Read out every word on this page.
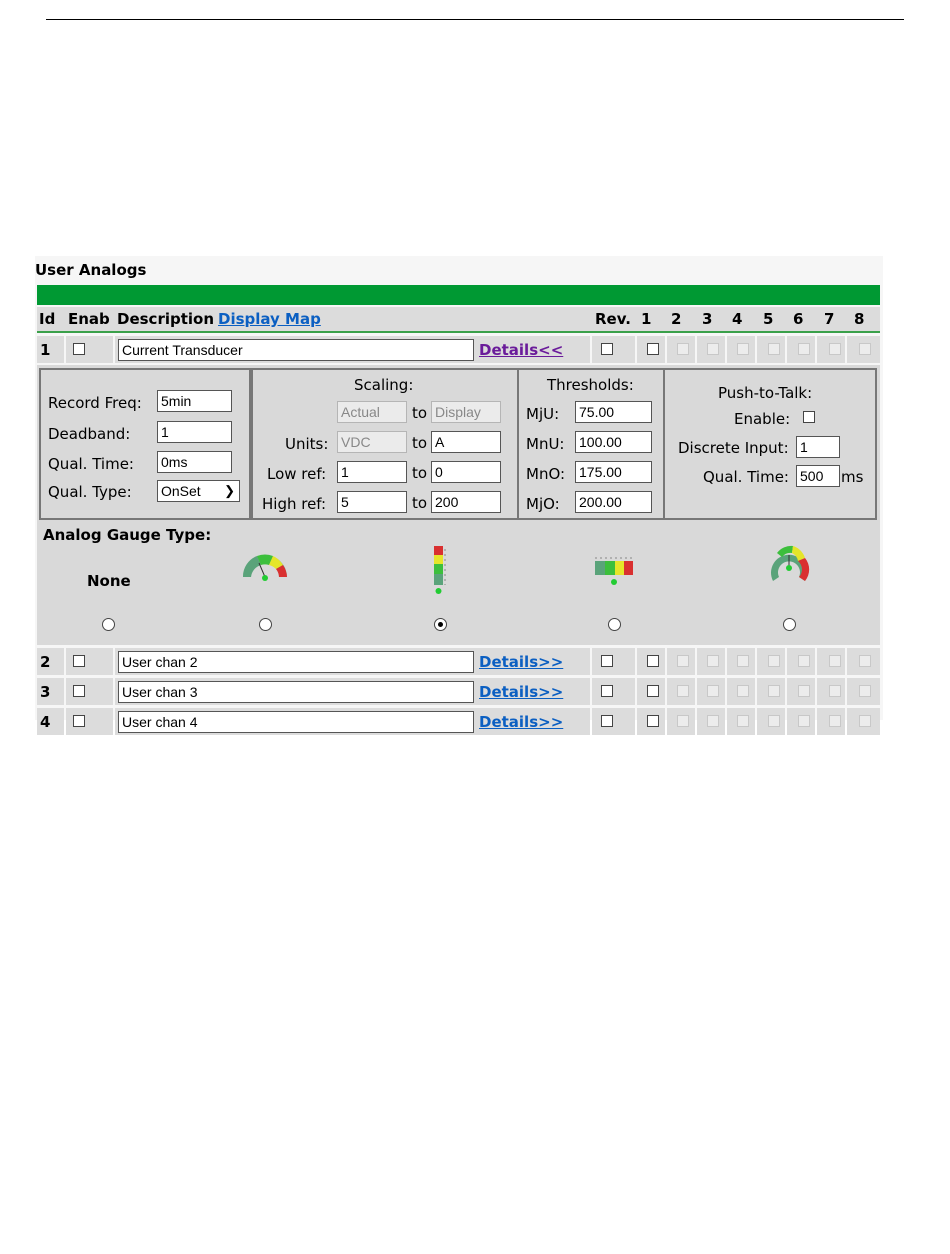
User Analogs
Id Enab Description Display Map	Rev. 1 2 3 4 5 6 7 8
1	Current Transducer	Details<<
Record Freq: 5min
Deadband: 1
Qual. Time: 0ms
Qual. Type: OnSet ❯
Scaling:
Actual	to Display
Units: VDC	to A
Low ref: 1	to 0
High ref: 5	to 200
Thresholds:
MjU: 75.00
MnU: 100.00
MnO: 175.00
MjO: 200.00
Push-to-Talk:
Enable:
Discrete Input: 1
Qual. Time: 500	ms
Analog Gauge Type:
None
2	User chan 2	Details>>
3	User chan 3	Details>>
4	User chan 4	Details>>
